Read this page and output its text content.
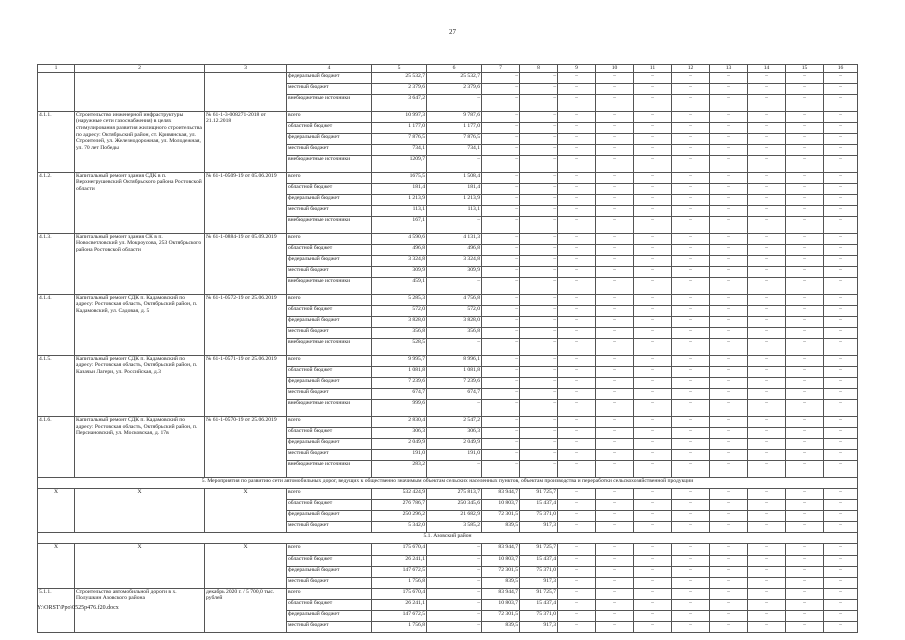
27
1	2	3	4	5	6	7	8	9	10	11	12	13	14	15	16
			федеральный бюджет	25 532,7	25 532,7	–	–	–	–	–	–	–	–	–	–
			местный бюджет	2 379,6	2 379,6	–	–	–	–	–	–	–	–	–	–
			внебюджетные источники	3 647,2	–	–	–	–	–	–	–	–	–	–	–
4.1.1.	Строительство инженерной инфраструктуры (наружные сети газоснабжения) в целях стимулирования развития жилищного строительства по адресу: Октябрьский район, ст. Кривянская, ул. Строителей, ул. Железнодорожная, ул. Молодежная, ул. 70 лет Победы	№ 61-1-3-008271-2018 от 21.12.2018	всего	10 997,3	9 787,6	–	–	–	–	–	–	–	–	–	–
			областной бюджет	1 177,0	1 177,0	–	–	–	–	–	–	–	–	–	–
			федеральный бюджет	7 876,5	7 876,5	–	–	–	–	–	–	–	–	–	–
			местный бюджет	734,1	734,1	–	–	–	–	–	–	–	–	–	–
			внебюджетные источники	1209,7	–	–	–	–	–	–	–	–	–	–	–
4.1.2.	Капитальный ремонт здания СДК в п. Верхнегрушевский Октябрьского района Ростовской области	№ 61-1-0509-19 от 05.06.2019	всего	1675,5	1 508,4	–	–	–	–	–	–	–	–	–	–
			областной бюджет	181,4	181,4	–	–	–	–	–	–	–	–	–	–
			федеральный бюджет	1 213,9	1 213,9	–	–	–	–	–	–	–	–	–	–
			местный бюджет	113,1	113,1	–	–	–	–	–	–	–	–	–	–
			внебюджетные источники	167,1	–	–	–	–	–	–	–	–	–	–	–
4.1.3.	Капитальный ремонт здания СК в п. Новосветловский ул. Мокроусова, 25З Октябрьского района Ростовской области	№ 61-1-0884-19 от 05.09.2019	всего	4 590,6	4 131,3	–	–	–	–	–	–	–	–	–	–
			областной бюджет	496,8	496,8	–	–	–	–	–	–	–	–	–	–
			федеральный бюджет	3 324,8	3 324,8	–	–	–	–	–	–	–	–	–	–
			местный бюджет	309,9	309,9	–	–	–	–	–	–	–	–	–	–
			внебюджетные источники	459,1	–	–	–	–	–	–	–	–	–	–	–
4.1.4.	Капитальный ремонт СДК п. Кадамовский по адресу: Ростовская область, Октябрьский район, п. Кадамовский, ул. Садовая, д. 5	№ 61-1-0572-19 от 25.06.2019	всего	5 285,3	4 756,8	–	–	–	–	–	–	–	–	–	–
			областной бюджет	572,0	572,0	–	–	–	–	–	–	–	–	–	–
			федеральный бюджет	3 828,0	3 828,0	–	–	–	–	–	–	–	–	–	–
			местный бюджет	356,8	356,8	–	–	–	–	–	–	–	–	–	–
			внебюджетные источники	528,5	–	–	–	–	–	–	–	–	–	–	–
4.1.5.	Капитальный ремонт СДК п. Кадамовский по адресу: Ростовская область, Октябрьский район, п. Казачьи Лагери, ул. Российская, д.3	№ 61-1-0571-19 от 25.06.2019	всего	9 995,7	8 996,1	–	–	–	–	–	–	–	–	–	–
			областной бюджет	1 081,8	1 081,8	–	–	–	–	–	–	–	–	–	–
			федеральный бюджет	7 239,6	7 239,6	–	–	–	–	–	–	–	–	–	–
			местный бюджет	674,7	674,7	–	–	–	–	–	–	–	–	–	–
			внебюджетные источники	999,6	–	–	–	–	–	–	–	–	–	–	–
4.1.6.	Капитальный ремонт СДК п. Кадамовский по адресу: Ростовская область, Октябрьский район, п. Персиановский, ул. Московская, д. 17в	№ 61-1-0570-19 от 25.06.2019	всего	2 830,4	2 547,2	–	–	–	–	–	–	–	–	–	–
			областной бюджет	306,3	306,3	–	–	–	–	–	–	–	–	–	–
			федеральный бюджет	2 049,9	2 049,9	–	–	–	–	–	–	–	–	–	–
			местный бюджет	191,0	191,0	–	–	–	–	–	–	–	–	–	–
			внебюджетные источники	283,2	–	–	–	–	–	–	–	–	–	–	–
5. Мероприятия по развитию сети автомобильных дорог, ведущих к общественно значимым объектам сельских населенных пунктов, объектам производства и переработки сельскохозяйственной продукции															
X	X	X	всего	532 424,9	275 813,7	83 944,7	91 725,7	–	–	–	–	–	–	–	–
			областной бюджет	276 786,7	250 345,6	10 803,7	15 437,4	–	–	–	–	–	–	–	–
			федеральный бюджет	250 296,2	21 682,9	72 301,5	75 371,0	–	–	–	–	–	–	–	–
			местный бюджет	5 342,0	3 585,2	839,5	917,3	–	–	–	–	–	–	–	–
5.1. Азовский район															
X	X	X	всего	175 670,4	–	83 944,7	91 725,7	–	–	–	–	–	–	–	–
			областной бюджет	26 241,1	–	10 803,7	15 437,4	–	–	–	–	–	–	–	–
			федеральный бюджет	147 672,5	–	72 301,5	75 371,0	–	–	–	–	–	–	–	–
			местный бюджет	1 756,8	–	839,5	917,3	–	–	–	–	–	–	–	–
5.1.1.	Строительство автомобильной дороги в х. Полушкин Азовского района	декабрь 2020 г. / 5 700,0 тыс. рублей	всего	175 670,4	–	83 944,7	91 725,7	–	–	–	–	–	–	–	–
			областной бюджет	26 241,1	–	10 803,7	15 437,4	–	–	–	–	–	–	–	–
			федеральный бюджет	147 672,5	–	72 301,5	75 371,0	–	–	–	–	–	–	–	–
			местный бюджет	1 756,8	–	839,5	917,3	–	–	–	–	–	–	–	–
Y:\ORST\Ppo\0525p476.f20.docx
